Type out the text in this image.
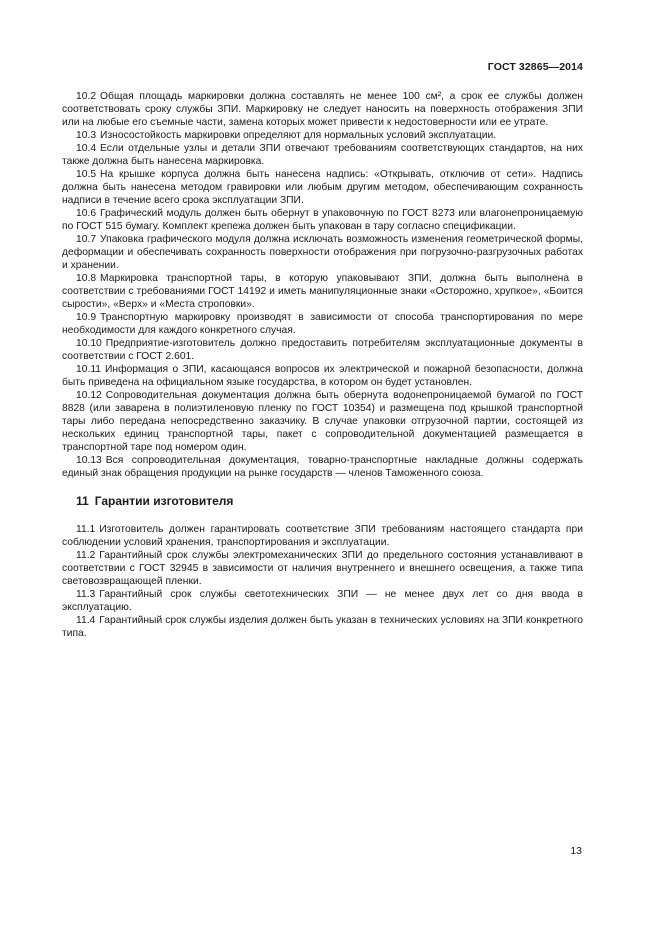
ГОСТ 32865—2014

10.2 Общая площадь маркировки должна составлять не менее 100 см², а срок ее службы должен соответствовать сроку службы ЗПИ. Маркировку не следует наносить на поверхность отображения ЗПИ или на любые его съемные части, замена которых может привести к недостоверности или ее утрате.

10.3 Износостойкость маркировки определяют для нормальных условий эксплуатации.

10.4 Если отдельные узлы и детали ЗПИ отвечают требованиям соответствующих стандартов, на них также должна быть нанесена маркировка.

10.5 На крышке корпуса должна быть нанесена надпись: «Открывать, отключив от сети». Надпись должна быть нанесена методом гравировки или любым другим методом, обеспечивающим сохранность надписи в течение всего срока эксплуатации ЗПИ.

10.6 Графический модуль должен быть обернут в упаковочную по ГОСТ 8273 или влагонепроницаемую по ГОСТ 515 бумагу. Комплект крепежа должен быть упакован в тару согласно спецификации.

10.7 Упаковка графического модуля должна исключать возможность изменения геометрической формы, деформации и обеспечивать сохранность поверхности отображения при погрузочно-разгрузочных работах и хранении.

10.8 Маркировка транспортной тары, в которую упаковывают ЗПИ, должна быть выполнена в соответствии с требованиями ГОСТ 14192 и иметь манипуляционные знаки «Осторожно, хрупкое», «Боится сырости», «Верх» и «Места строповки».

10.9 Транспортную маркировку производят в зависимости от способа транспортирования по мере необходимости для каждого конкретного случая.

10.10 Предприятие-изготовитель должно предоставить потребителям эксплуатационные документы в соответствии с ГОСТ 2.601.

10.11 Информация о ЗПИ, касающаяся вопросов их электрической и пожарной безопасности, должна быть приведена на официальном языке государства, в котором он будет установлен.

10.12 Сопроводительная документация должна быть обернута водонепроницаемой бумагой по ГОСТ 8828 (или заварена в полиэтиленовую пленку по ГОСТ 10354) и размещена под крышкой транспортной тары либо передана непосредственно заказчику. В случае упаковки отгрузочной партии, состоящей из нескольких единиц транспортной тары, пакет с сопроводительной документацией размещается в транспортной таре под номером один.

10.13 Вся сопроводительная документация, товарно-транспортные накладные должны содержать единый знак обращения продукции на рынке государств — членов Таможенного союза.

11 Гарантии изготовителя

11.1 Изготовитель должен гарантировать соответствие ЗПИ требованиям настоящего стандарта при соблюдении условий хранения, транспортирования и эксплуатации.

11.2 Гарантийный срок службы электромеханических ЗПИ до предельного состояния устанавливают в соответствии с ГОСТ 32945 в зависимости от наличия внутреннего и внешнего освещения, а также типа световозвращающей пленки.

11.3 Гарантийный срок службы светотехнических ЗПИ — не менее двух лет со дня ввода в эксплуатацию.

11.4 Гарантийный срок службы изделия должен быть указан в технических условиях на ЗПИ конкретного типа.

13
